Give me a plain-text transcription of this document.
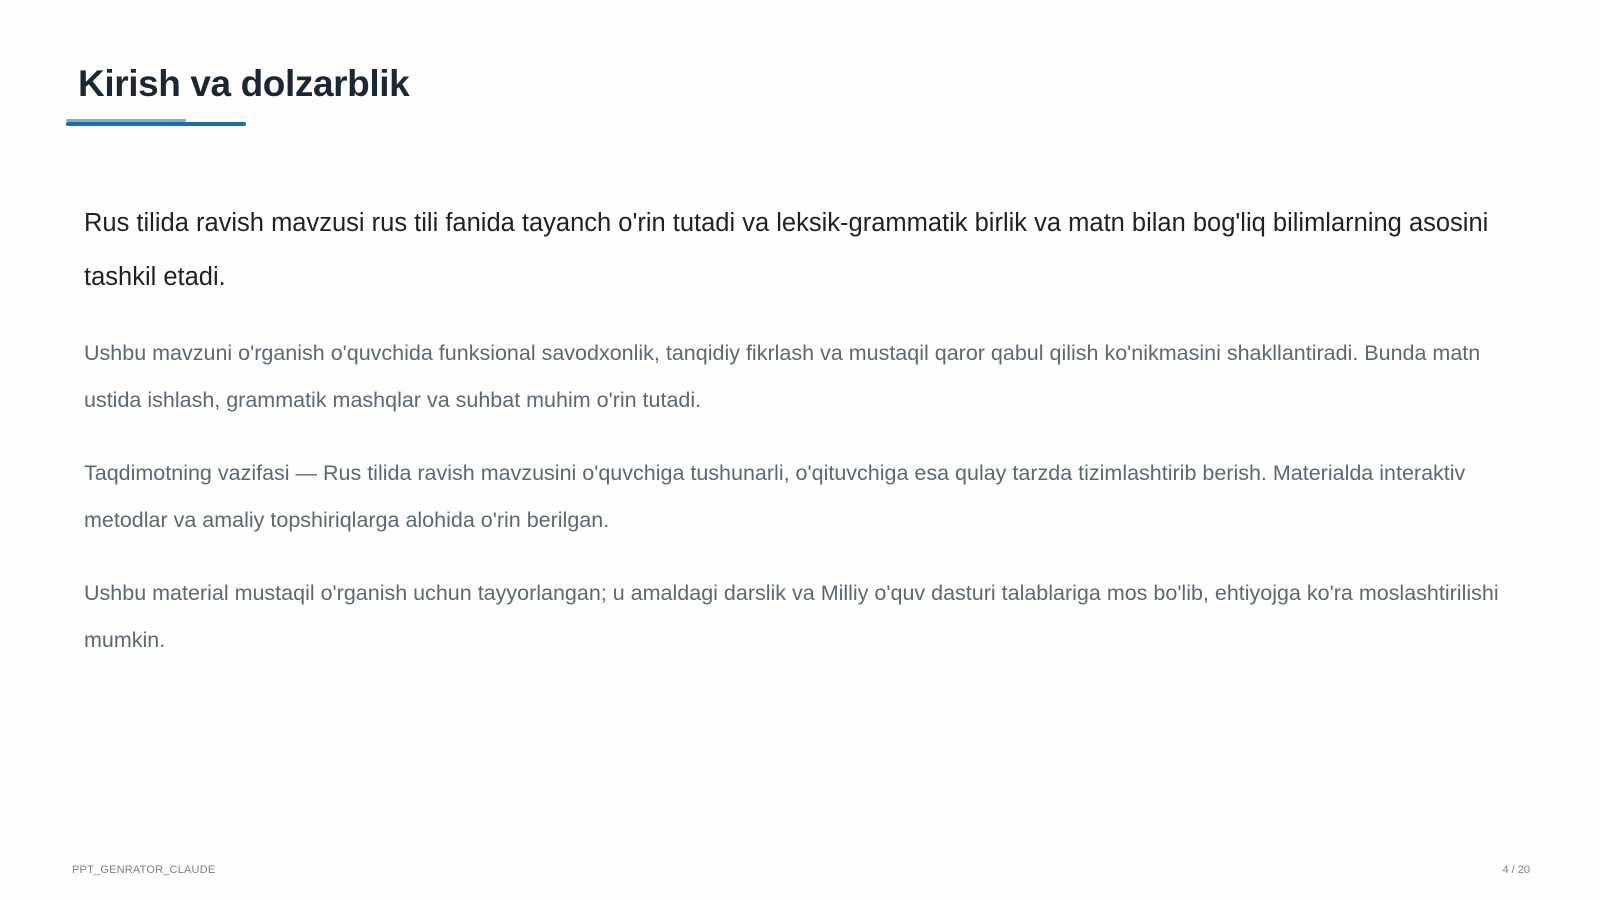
Kirish va dolzarblik

Rus tilida ravish mavzusi rus tili fanida tayanch o'rin tutadi va leksik-grammatik birlik va matn bilan bog'liq bilimlarning asosini tashkil etadi.

Ushbu mavzuni o'rganish o'quvchida funksional savodxonlik, tanqidiy fikrlash va mustaqil qaror qabul qilish ko'nikmasini shakllantiradi. Bunda matn ustida ishlash, grammatik mashqlar va suhbat muhim o'rin tutadi.

Taqdimotning vazifasi — Rus tilida ravish mavzusini o'quvchiga tushunarli, o'qituvchiga esa qulay tarzda tizimlashtirib berish. Materialda interaktiv metodlar va amaliy topshiriqlarga alohida o'rin berilgan.

Ushbu material mustaqil o'rganish uchun tayyorlangan; u amaldagi darslik va Milliy o'quv dasturi talablariga mos bo'lib, ehtiyojga ko'ra moslashtirilishi mumkin.

PPT_GENRATOR_CLAUDE	4 / 20
